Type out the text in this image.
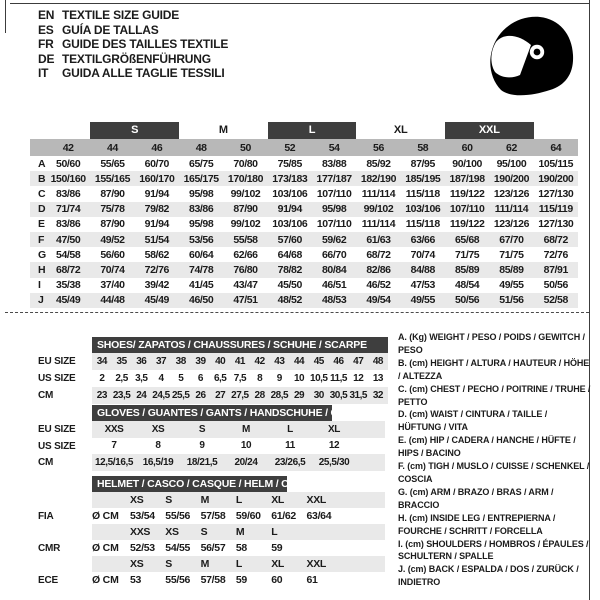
EN TEXTILE SIZE GUIDE
ES GUÍA DE TALLAS
FR GUIDE DES TAILLES TEXTILE
DE TEXTILGRÖßENFÜHRUNG
IT	GUIDA ALLE TAGLIE TESSILI
S	M	L	XL	XXL
42	44	46	48	50	52	54	56	58	60	62	64
A	50/60	55/65	60/70	65/75	70/80	75/85	83/88	85/92	87/95	90/100	95/100	105/115
B 150/160 155/165 160/170 165/175 170/180 173/183 177/187 182/190 185/195 187/198 190/200 190/200
C	83/86	87/90	91/94	95/98	99/102	103/106 107/110 111/114	115/118 119/122 123/126 127/130
D	71/74	75/78	79/82	83/86	87/90	91/94	95/98	99/102	103/106 107/110 111/114	115/119
E	83/86	87/90	91/94	95/98	99/102	103/106 107/110 111/114	115/118 119/122 123/126 127/130
F	47/50	49/52	51/54	53/56	55/58	57/60	59/62	61/63	63/66	65/68	67/70	68/72
G 54/58	56/60	58/62	60/64	62/66	64/68	66/70	68/72	70/74	71/75	71/75	72/76
H	68/72	70/74	72/76	74/78	76/80	78/82	80/84	82/86	84/88	85/89	85/89	87/91
I	35/38	37/40	39/42	41/45	43/47	45/50	46/51	46/52	47/53	48/54	49/55	50/56
J	45/49	44/48	45/49	46/50	47/51	48/52	48/53	49/54	49/55	50/56	51/56	52/58
SHOES/ ZAPATOS / CHAUSSURES / SCHUHE / SCARPE
EU SIZE	34 35 36 37 38 39 40 41 42 43 44 45 46 47 48
US SIZE	2	2,5 3,5	4	5	6	6,5 7,5	8	9	10 10,5 11,5 12 13
CM	23 23,5 24 24,5 25,5 26 27 27,5 28 28,5 29 30 30,5 31,5 32
GLOVES / GUANTES / GANTS / HANDSCHUHE / GUANTI
EU SIZE	XXS	XS	S	M	L	XL
US SIZE	7	8	9	10	11	12
CM	12,5/16,5 16,5/19	18/21,5	20/24	23/26,5	25,5/30
HELMET / CASCO / CASQUE / HELM / CASCO
XS	S	M	L	XL	XXL
FIA	Ø CM	53/54	55/56	57/58	59/60	61/62	63/64
XXS	XS	S	M	L
CMR	Ø CM	52/53	54/55	56/57	58	59
XS	S	M	L	XL	XXL
ECE	Ø CM	53	55/56	57/58	59	60	61
A. (Kg) WEIGHT / PESO / POIDS / GEWITCH / PESO
B. (cm) HEIGHT / ALTURA / HAUTEUR / HÖHE / ALTEZZA
C. (cm) CHEST / PECHO / POITRINE / TRUHE / PETTO
D. (cm) WAIST / CINTURA / TAILLE / HÜFTUNG / VITA
E. (cm) HIP / CADERA / HANCHE / HÜFTE / HIPS / BACINO
F. (cm) TIGH / MUSLO / CUISSE / SCHENKEL / COSCIA
G. (cm) ARM / BRAZO / BRAS / ARM / BRACCIO
H. (cm) INSIDE LEG / ENTREPIERNA / FOURCHE / SCHRITT / FORCELLA
I. (cm) SHOULDERS / HOMBROS / ÉPAULES / SCHULTERN / SPALLE
J. (cm) BACK / ESPALDA / DOS / ZURÜCK / INDIETRO
